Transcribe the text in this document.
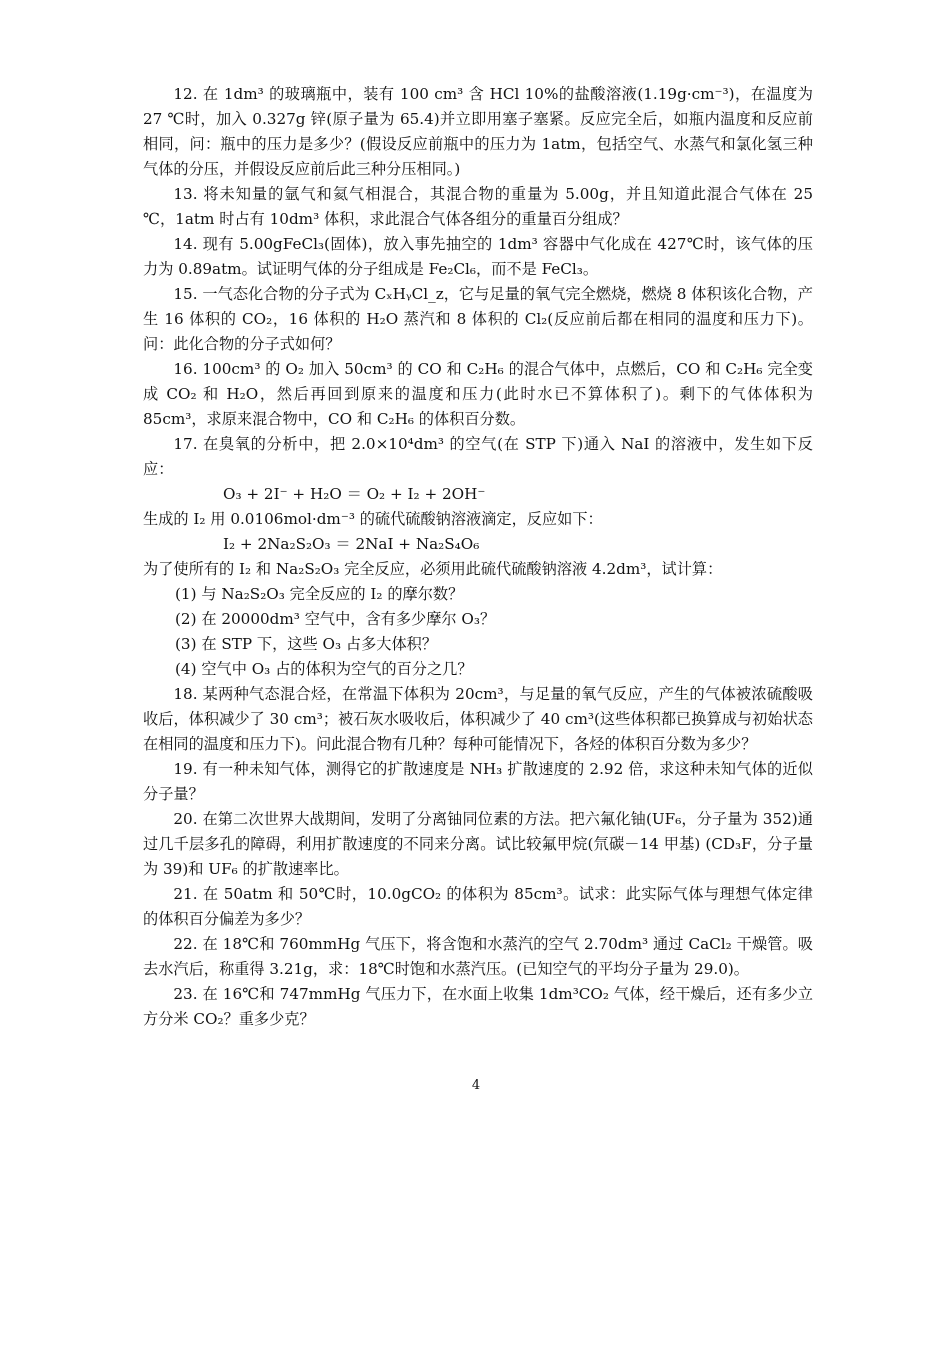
12. 在 1dm³ 的玻璃瓶中，装有 100 cm³ 含 HCl 10%的盐酸溶液(1.19g·cm⁻³)，在温度为 27 ℃时，加入 0.327g 锌(原子量为 65.4)并立即用塞子塞紧。反应完全后，如瓶内温度和反应前相同，问：瓶中的压力是多少？(假设反应前瓶中的压力为 1atm，包括空气、水蒸气和氯化氢三种气体的分压，并假设反应前后此三种分压相同。)

13. 将未知量的氩气和氦气相混合，其混合物的重量为 5.00g，并且知道此混合气体在 25 ℃，1atm 时占有 10dm³ 体积，求此混合气体各组分的重量百分组成？

14. 现有 5.00gFeCl₃(固体)，放入事先抽空的 1dm³ 容器中气化成在 427℃时，该气体的压力为 0.89atm。试证明气体的分子组成是 Fe₂Cl₆，而不是 FeCl₃。

15. 一气态化合物的分子式为 CₓHᵧCl_z，它与足量的氧气完全燃烧，燃烧 8 体积该化合物，产生 16 体积的 CO₂，16 体积的 H₂O 蒸汽和 8 体积的 Cl₂(反应前后都在相同的温度和压力下)。问：此化合物的分子式如何？

16. 100cm³ 的 O₂ 加入 50cm³ 的 CO 和 C₂H₆ 的混合气体中，点燃后，CO 和 C₂H₆ 完全变成 CO₂ 和 H₂O，然后再回到原来的温度和压力(此时水已不算体积了)。剩下的气体体积为 85cm³，求原来混合物中，CO 和 C₂H₆ 的体积百分数。

17. 在臭氧的分析中，把 2.0×10⁴dm³ 的空气(在 STP 下)通入 NaI 的溶液中，发生如下反应：

O₃ + 2I⁻ + H₂O ＝ O₂ + I₂ + 2OH⁻

生成的 I₂ 用 0.0106mol·dm⁻³ 的硫代硫酸钠溶液滴定，反应如下：

I₂ + 2Na₂S₂O₃ ＝ 2NaI + Na₂S₄O₆

为了使所有的 I₂ 和 Na₂S₂O₃ 完全反应，必须用此硫代硫酸钠溶液 4.2dm³，试计算：

(1) 与 Na₂S₂O₃ 完全反应的 I₂ 的摩尔数？

(2) 在 20000dm³ 空气中，含有多少摩尔 O₃？

(3) 在 STP 下，这些 O₃ 占多大体积？

(4) 空气中 O₃ 占的体积为空气的百分之几？

18. 某两种气态混合烃，在常温下体积为 20cm³，与足量的氧气反应，产生的气体被浓硫酸吸收后，体积减少了 30 cm³；被石灰水吸收后，体积减少了 40 cm³(这些体积都已换算成与初始状态在相同的温度和压力下)。问此混合物有几种？每种可能情况下，各烃的体积百分数为多少？

19. 有一种未知气体，测得它的扩散速度是 NH₃ 扩散速度的 2.92 倍，求这种未知气体的近似分子量？

20. 在第二次世界大战期间，发明了分离铀同位素的方法。把六氟化铀(UF₆，分子量为 352)通过几千层多孔的障碍，利用扩散速度的不同来分离。试比较氟甲烷(氘碳－14 甲基) (CD₃F，分子量为 39)和 UF₆ 的扩散速率比。

21. 在 50atm 和 50℃时，10.0gCO₂ 的体积为 85cm³。试求：此实际气体与理想气体定律的体积百分偏差为多少？

22. 在 18℃和 760mmHg 气压下，将含饱和水蒸汽的空气 2.70dm³ 通过 CaCl₂ 干燥管。吸去水汽后，称重得 3.21g，求：18℃时饱和水蒸汽压。(已知空气的平均分子量为 29.0)。

23. 在 16℃和 747mmHg 气压力下，在水面上收集 1dm³CO₂ 气体，经干燥后，还有多少立方分米 CO₂？重多少克？

4
